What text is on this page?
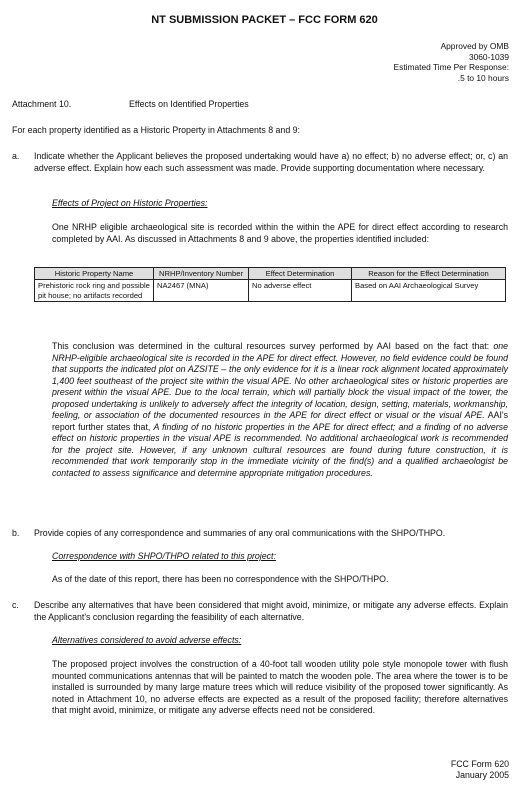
NT SUBMISSION PACKET – FCC FORM 620
Approved by OMB
3060-1039
Estimated Time Per Response:
.5 to 10 hours
Attachment 10.	Effects on Identified Properties
For each property identified as a Historic Property in Attachments 8 and 9:
a. Indicate whether the Applicant believes the proposed undertaking would have a) no effect; b) no adverse effect; or, c) an adverse effect. Explain how each such assessment was made. Provide supporting documentation where necessary.
Effects of Project on Historic Properties:
One NRHP eligible archaeological site is recorded within the within the APE for direct effect according to research completed by AAI. As discussed in Attachments 8 and 9 above, the properties identified included:
Historic Property Name	NRHP/Inventory Number	Effect Determination	Reason for the Effect Determination
Prehistoric rock ring and possible pit house; no artifacts recorded	NA2467 (MNA)	No adverse effect	Based on AAI Archaeological Survey
This conclusion was determined in the cultural resources survey performed by AAI based on the fact that: one NRHP-eligible archaeological site is recorded in the APE for direct effect. However, no field evidence could be found that supports the indicated plot on AZSITE – the only evidence for it is a linear rock alignment located approximately 1,400 feet southeast of the project site within the visual APE. No other archaeological sites or historic properties are present within the visual APE. Due to the local terrain, which will partially block the visual impact of the tower, the proposed undertaking is unlikely to adversely affect the integrity of location, design, setting, materials, workmanship, feeling, or association of the documented resources in the APE for direct effect or visual or the visual APE. AAI's report further states that, A finding of no historic properties in the APE for direct effect; and a finding of no adverse effect on historic properties in the visual APE is recommended. No additional archaeological work is recommended for the project site. However, if any unknown cultural resources are found during future construction, it is recommended that work temporarily stop in the immediate vicinity of the find(s) and a qualified archaeologist be contacted to assess significance and determine appropriate mitigation procedures.
b. Provide copies of any correspondence and summaries of any oral communications with the SHPO/THPO.
Correspondence with SHPO/THPO related to this project:
As of the date of this report, there has been no correspondence with the SHPO/THPO.
c. Describe any alternatives that have been considered that might avoid, minimize, or mitigate any adverse effects. Explain the Applicant's conclusion regarding the feasibility of each alternative.
Alternatives considered to avoid adverse effects:
The proposed project involves the construction of a 40-foot tall wooden utility pole style monopole tower with flush mounted communications antennas that will be painted to match the wooden pole. The area where the tower is to be installed is surrounded by many large mature trees which will reduce visibility of the proposed tower significantly. As noted in Attachment 10, no adverse effects are expected as a result of the proposed facility; therefore alternatives that might avoid, minimize, or mitigate any adverse effects need not be considered.
FCC Form 620
January 2005
